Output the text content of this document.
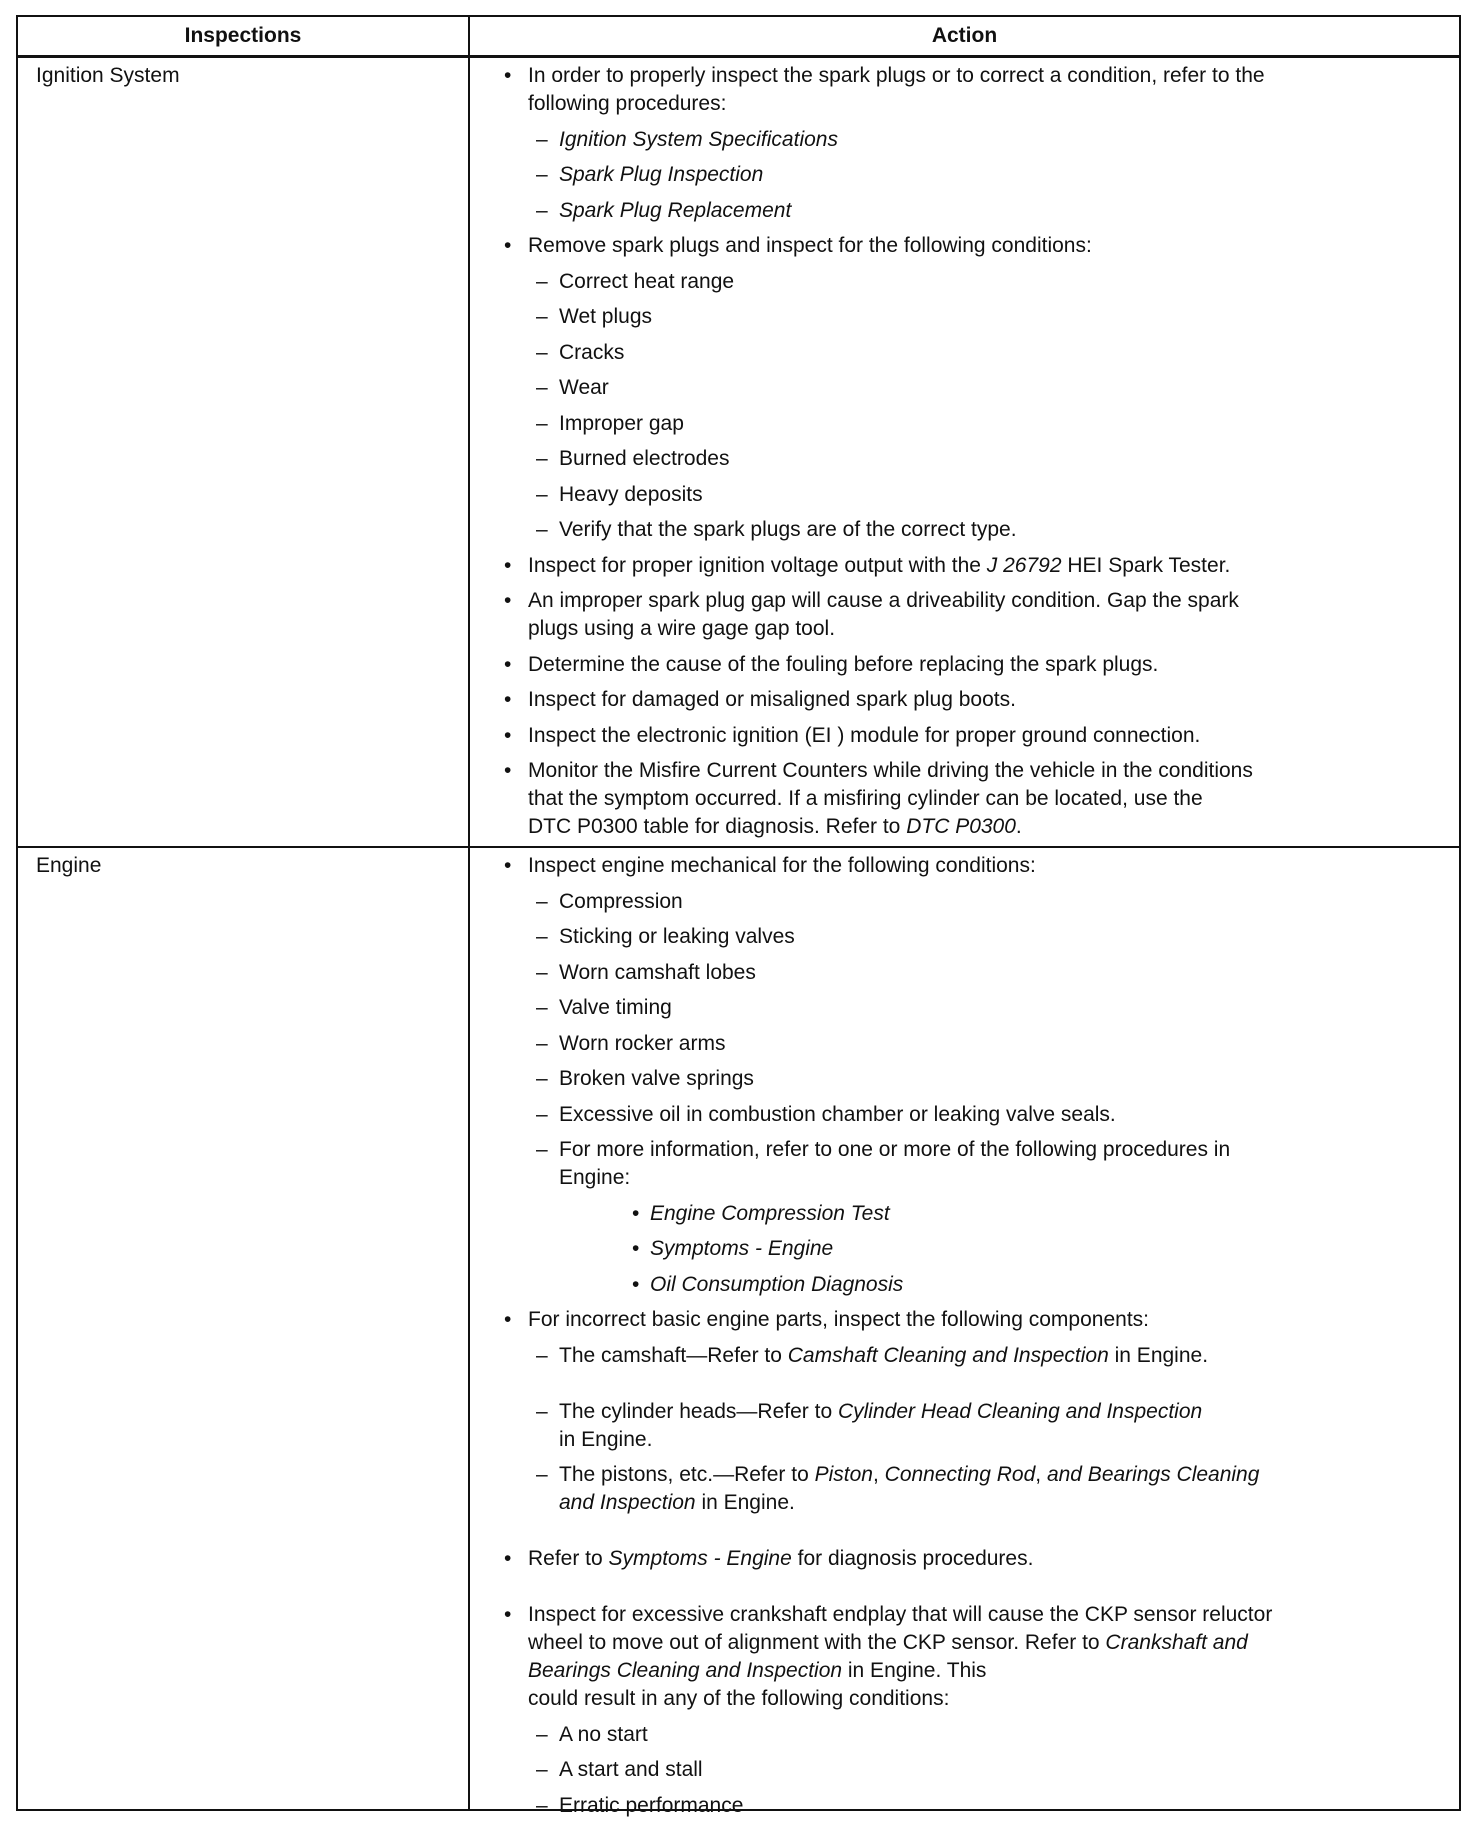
Inspections	Action
Ignition System	• In order to properly inspect the spark plugs or to correct a condition, refer to the
following procedures:
– Ignition System Specifications
– Spark Plug Inspection
– Spark Plug Replacement
• Remove spark plugs and inspect for the following conditions:
– Correct heat range
– Wet plugs
– Cracks
– Wear
– Improper gap
– Burned electrodes
– Heavy deposits
– Verify that the spark plugs are of the correct type.
• Inspect for proper ignition voltage output with the J 26792 HEI Spark Tester.
• An improper spark plug gap will cause a driveability condition. Gap the spark
plugs using a wire gage gap tool.
• Determine the cause of the fouling before replacing the spark plugs.
• Inspect for damaged or misaligned spark plug boots.
• Inspect the electronic ignition (EI ) module for proper ground connection.
• Monitor the Misfire Current Counters while driving the vehicle in the conditions
that the symptom occurred. If a misfiring cylinder can be located, use the
DTC P0300 table for diagnosis. Refer to DTC P0300.
Engine	• Inspect engine mechanical for the following conditions:
– Compression
– Sticking or leaking valves
– Worn camshaft lobes
– Valve timing
– Worn rocker arms
– Broken valve springs
– Excessive oil in combustion chamber or leaking valve seals.
– For more information, refer to one or more of the following procedures in
Engine:
• Engine Compression Test
• Symptoms - Engine
• Oil Consumption Diagnosis
• For incorrect basic engine parts, inspect the following components:
– The camshaft—Refer to Camshaft Cleaning and Inspection in Engine.
– The cylinder heads—Refer to Cylinder Head Cleaning and Inspection
in Engine.
– The pistons, etc.—Refer to Piston, Connecting Rod, and Bearings Cleaning
and Inspection in Engine.
• Refer to Symptoms - Engine for diagnosis procedures.
• Inspect for excessive crankshaft endplay that will cause the CKP sensor reluctor
wheel to move out of alignment with the CKP sensor. Refer to Crankshaft and
Bearings Cleaning and Inspection in Engine. This
could result in any of the following conditions:
– A no start
– A start and stall
– Erratic performance
